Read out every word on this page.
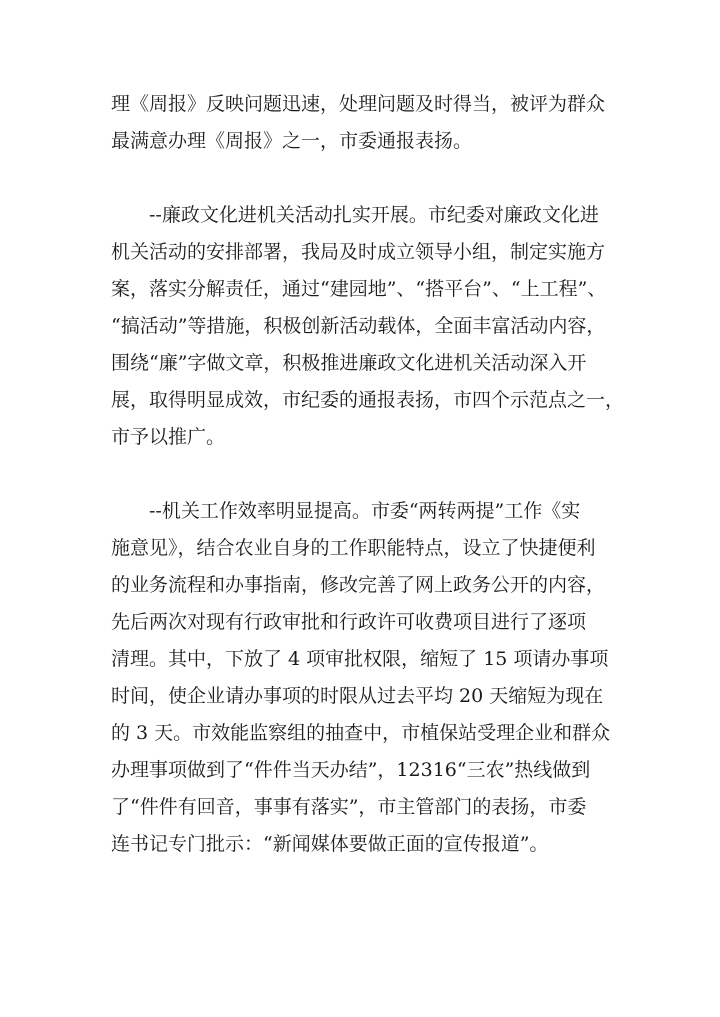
理《周报》反映问题迅速，处理问题及时得当，被评为群众
最满意办理《周报》之一，市委通报表扬。
--廉政文化进机关活动扎实开展。市纪委对廉政文化进
机关活动的安排部署，我局及时成立领导小组，制定实施方
案，落实分解责任，通过“建园地”、“搭平台”、“上工程”、
“搞活动”等措施，积极创新活动载体，全面丰富活动内容，
围绕“廉”字做文章，积极推进廉政文化进机关活动深入开
展，取得明显成效，市纪委的通报表扬，市四个示范点之一，
市予以推广。
--机关工作效率明显提高。市委“两转两提”工作《实
施意见》，结合农业自身的工作职能特点，设立了快捷便利
的业务流程和办事指南，修改完善了网上政务公开的内容，
先后两次对现有行政审批和行政许可收费项目进行了逐项
清理。其中，下放了 4 项审批权限，缩短了 15 项请办事项
时间，使企业请办事项的时限从过去平均 20 天缩短为现在
的 3 天。市效能监察组的抽查中，市植保站受理企业和群众
办理事项做到了“件件当天办结”，12316“三农”热线做到
了“件件有回音，事事有落实”，市主管部门的表扬，市委
连书记专门批示：“新闻媒体要做正面的宣传报道”。
